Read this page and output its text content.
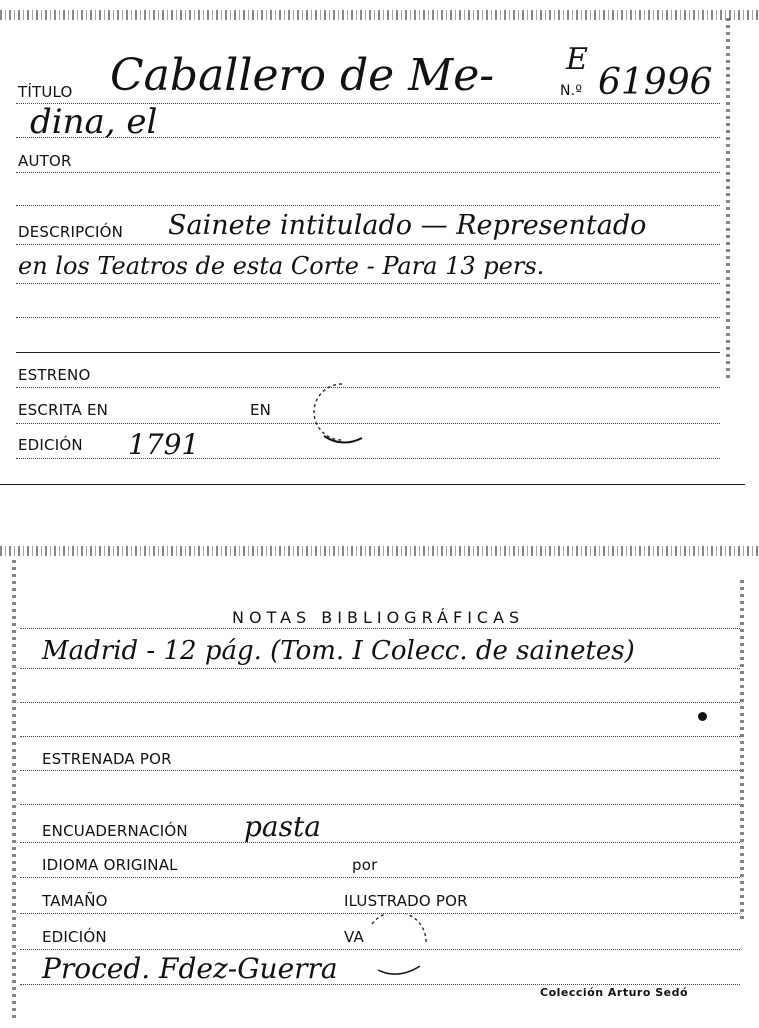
TÍTULO Caballero de Me- E
N.º 61996
dina, el
AUTOR
DESCRIPCIÓN Sainete intitulado — Representado
en los Teatros de esta Corte - Para 13 pers.
ESTRENO
ESCRITA EN	EN
EDICIÓN 1791
NOTAS BIBLIOGRÁFICAS
Madrid - 12 pág. (Tom. I Colecc. de sainetes)
ESTRENADA POR
ENCUADERNACIÓN pasta
IDIOMA ORIGINAL	por
TAMAÑO	ILUSTRADO POR
EDICIÓN	VA
Proced. Fdez-Guerra
Colección Arturo Sedó
